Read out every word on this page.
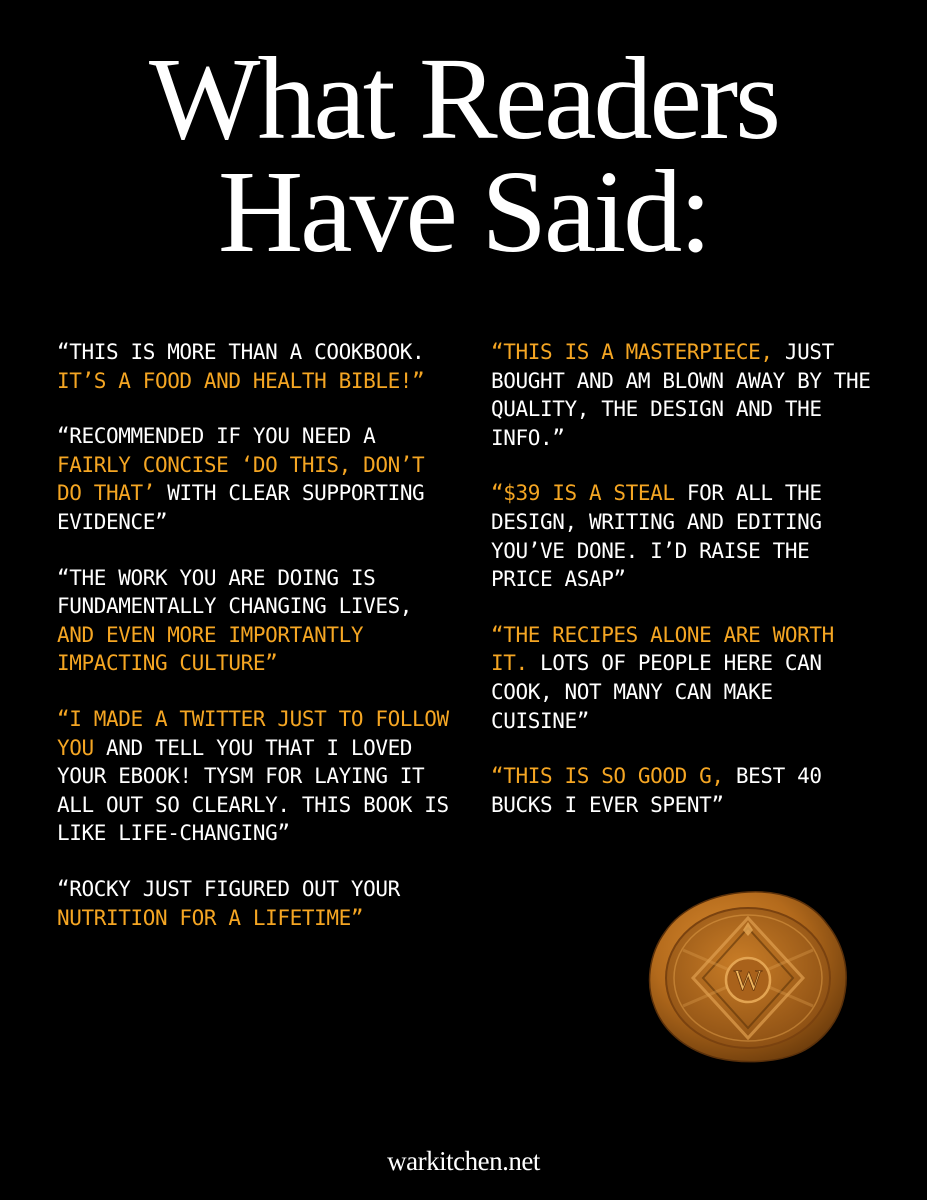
What Readers
Have Said:

“THIS IS MORE THAN A COOKBOOK. IT’S A FOOD AND HEALTH BIBLE!”

“RECOMMENDED IF YOU NEED A FAIRLY CONCISE ‘DO THIS, DON’T DO THAT’ WITH CLEAR SUPPORTING EVIDENCE”

“THE WORK YOU ARE DOING IS FUNDAMENTALLY CHANGING LIVES, AND EVEN MORE IMPORTANTLY IMPACTING CULTURE”

“I MADE A TWITTER JUST TO FOLLOW YOU AND TELL YOU THAT I LOVED YOUR EBOOK! TYSM FOR LAYING IT ALL OUT SO CLEARLY. THIS BOOK IS LIKE LIFE-CHANGING”

“ROCKY JUST FIGURED OUT YOUR NUTRITION FOR A LIFETIME”

“THIS IS A MASTERPIECE, JUST BOUGHT AND AM BLOWN AWAY BY THE QUALITY, THE DESIGN AND THE INFO.”

“$39 IS A STEAL FOR ALL THE DESIGN, WRITING AND EDITING YOU’VE DONE. I’D RAISE THE PRICE ASAP”

“THE RECIPES ALONE ARE WORTH IT. LOTS OF PEOPLE HERE CAN COOK, NOT MANY CAN MAKE CUISINE”

“THIS IS SO GOOD G, BEST 40 BUCKS I EVER SPENT”

W
warkitchen.net
